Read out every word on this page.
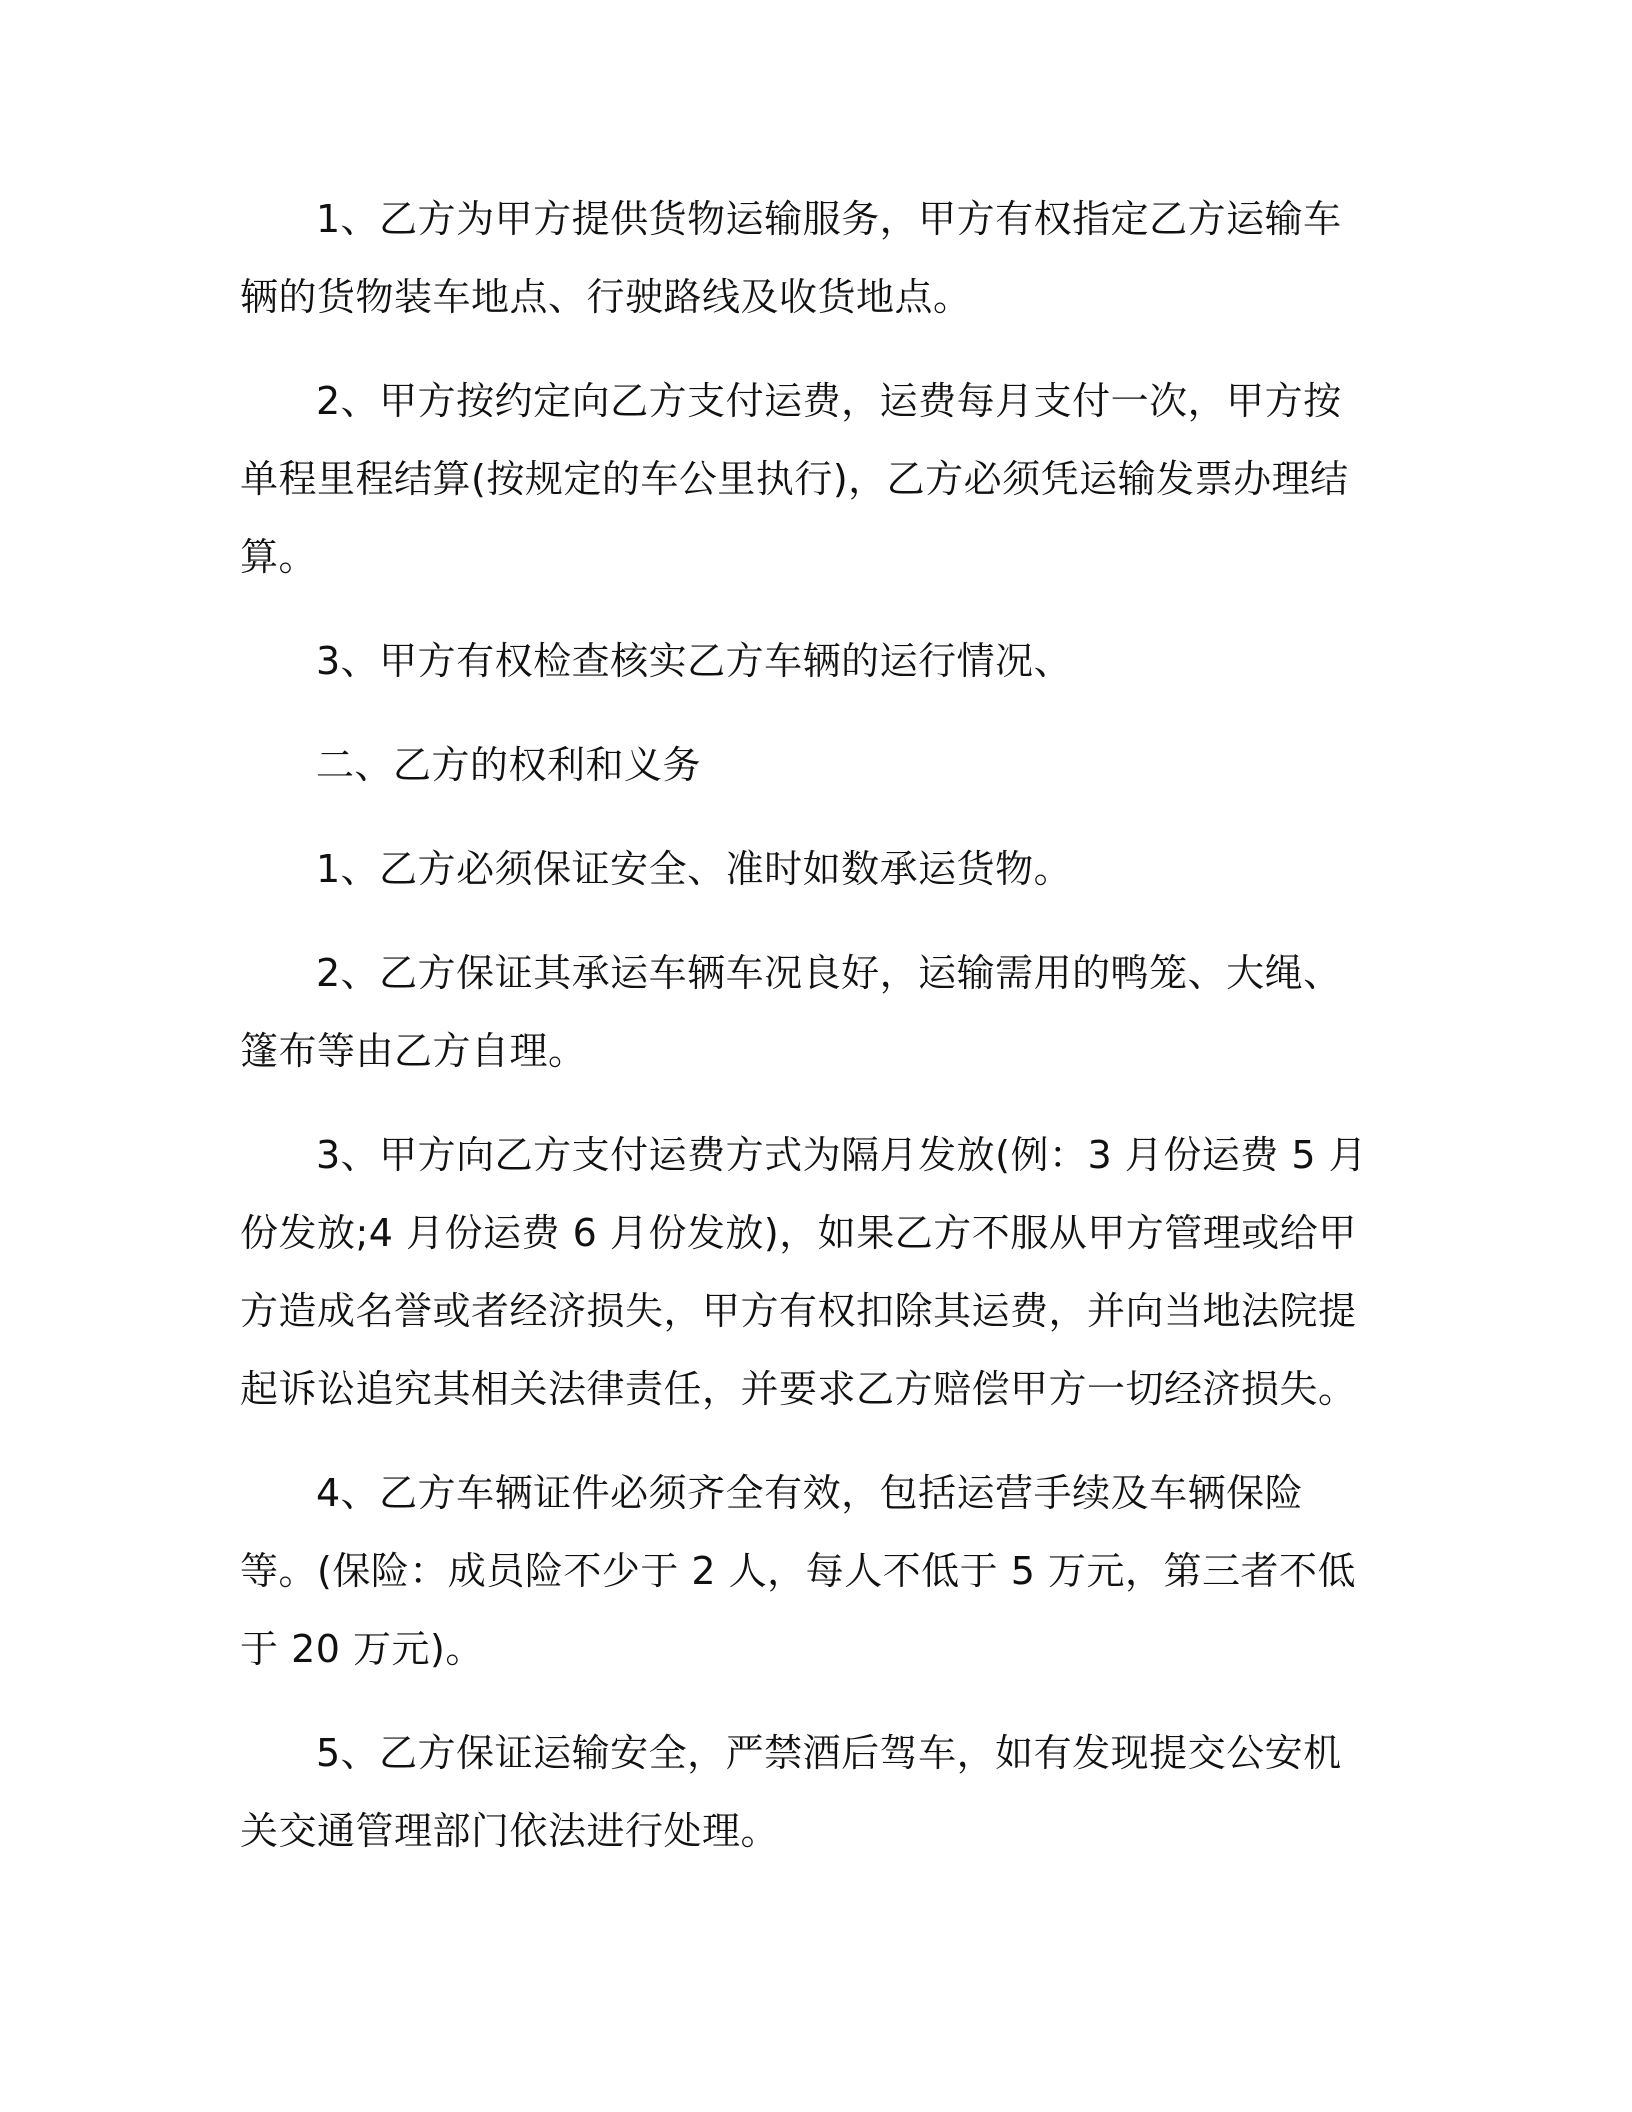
1、乙方为甲方提供货物运输服务，甲方有权指定乙方运输车辆的货物装车地点、行驶路线及收货地点。

2、甲方按约定向乙方支付运费，运费每月支付一次，甲方按单程里程结算(按规定的车公里执行)，乙方必须凭运输发票办理结算。

3、甲方有权检查核实乙方车辆的运行情况、

二、乙方的权利和义务

1、乙方必须保证安全、准时如数承运货物。

2、乙方保证其承运车辆车况良好，运输需用的鸭笼、大绳、篷布等由乙方自理。

3、甲方向乙方支付运费方式为隔月发放(例：3 月份运费 5 月份发放;4 月份运费 6 月份发放)，如果乙方不服从甲方管理或给甲方造成名誉或者经济损失，甲方有权扣除其运费，并向当地法院提起诉讼追究其相关法律责任，并要求乙方赔偿甲方一切经济损失。

4、乙方车辆证件必须齐全有效，包括运营手续及车辆保险等。(保险：成员险不少于 2 人，每人不低于 5 万元，第三者不低于 20 万元)。

5、乙方保证运输安全，严禁酒后驾车，如有发现提交公安机关交通管理部门依法进行处理。
